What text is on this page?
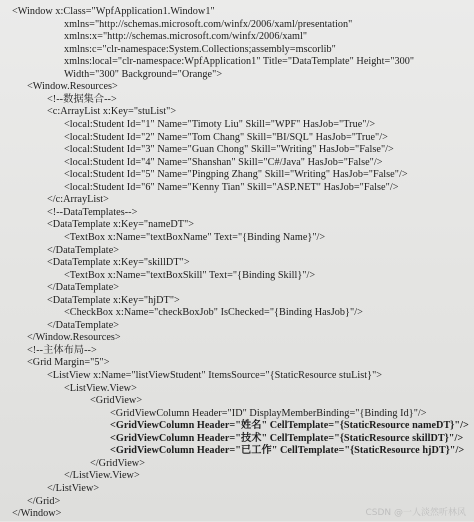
<Window x:Class="WpfApplication1.Window1"
xmlns="http://schemas.microsoft.com/winfx/2006/xaml/presentation"
xmlns:x="http://schemas.microsoft.com/winfx/2006/xaml"
xmlns:c="clr-namespace:System.Collections;assembly=mscorlib"
xmlns:local="clr-namespace:WpfApplication1" Title="DataTemplate" Height="300"
Width="300" Background="Orange">
<Window.Resources>
<!--数据集合-->
<c:ArrayList x:Key="stuList">
<local:Student Id="1" Name="Timoty Liu" Skill="WPF" HasJob="True"/>
<local:Student Id="2" Name="Tom Chang" Skill="BI/SQL" HasJob="True"/>
<local:Student Id="3" Name="Guan Chong" Skill="Writing" HasJob="False"/>
<local:Student Id="4" Name="Shanshan" Skill="C#/Java" HasJob="False"/>
<local:Student Id="5" Name="Pingping Zhang" Skill="Writing" HasJob="False"/>
<local:Student Id="6" Name="Kenny Tian" Skill="ASP.NET" HasJob="False"/>
</c:ArrayList>
<!--DataTemplates-->
<DataTemplate x:Key="nameDT">
<TextBox x:Name="textBoxName" Text="{Binding Name}"/>
</DataTemplate>
<DataTemplate x:Key="skillDT">
<TextBox x:Name="textBoxSkill" Text="{Binding Skill}"/>
</DataTemplate>
<DataTemplate x:Key="hjDT">
<CheckBox x:Name="checkBoxJob" IsChecked="{Binding HasJob}"/>
</DataTemplate>
</Window.Resources>
<!--主体布局-->
<Grid Margin="5">
<ListView x:Name="listViewStudent" ItemsSource="{StaticResource stuList}">
<ListView.View>
<GridView>
<GridViewColumn Header="ID" DisplayMemberBinding="{Binding Id}"/>
<GridViewColumn Header="姓名" CellTemplate="{StaticResource nameDT}"/>
<GridViewColumn Header="技术" CellTemplate="{StaticResource skillDT}"/>
<GridViewColumn Header="已工作" CellTemplate="{StaticResource hjDT}"/>
</GridView>
</ListView.View>
</ListView>
</Grid>
</Window>	CSDN @一人淡然听林风
